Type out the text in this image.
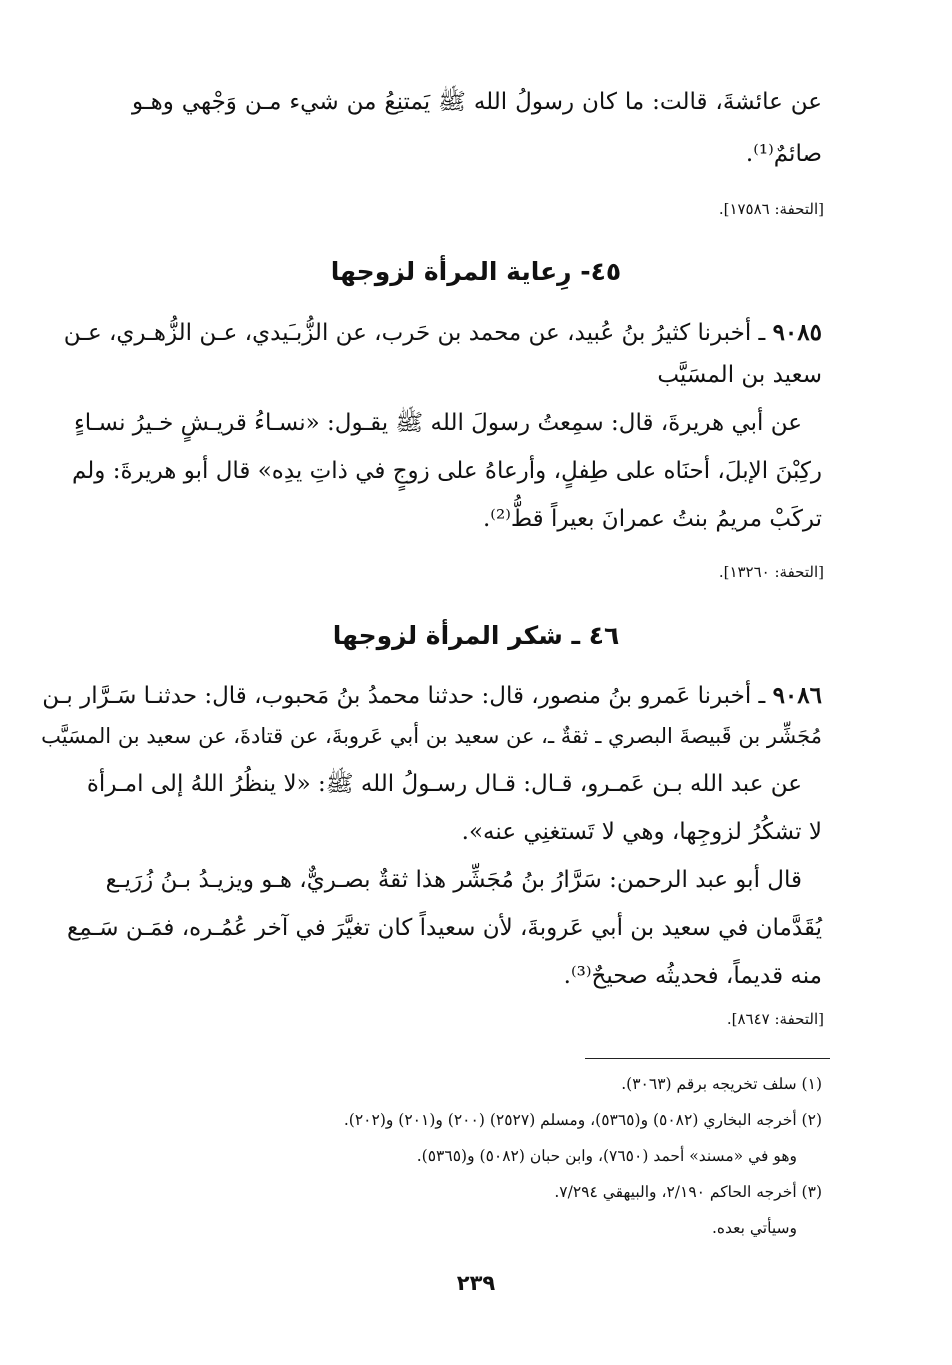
عن عائشةَ، قالت: ما كان رسولُ الله ﷺ يَمتنِعُ من شيء مـن وَجْهي وهـو
صائمٌ⁽¹⁾.
[التحفة: ١٧٥٨٦].
٤٥- رِعاية المرأة لزوجها
٩٠٨٥ ـ أخبرنا كثيرُ بنُ عُبيد، عن محمد بن حَرب، عن الزُّبـَيدي، عـن الزُّهـري، عـن
سعيد بن المسَيَّب
عن أبي هريرةَ، قال: سمِعتُ رسولَ الله ﷺ يقـول: «نسـاءُ قريـشٍ خـيرُ نسـاءٍ
ركِبْنَ الإبلَ، أحنَاه على طِفلٍ، وأرعاهُ على زوجٍ في ذاتِ يدِه» قال أبو هريرةَ: ولم
تركَبْ مريمُ بنتُ عمرانَ بعيراً قطُّ⁽²⁾.
[التحفة: ١٣٢٦٠].
٤٦ ـ شكر المرأة لزوجها
٩٠٨٦ ـ أخبرنا عَمرو بنُ منصور، قال: حدثنا محمدُ بنُ مَحبوب، قال: حدثنـا سَـرَّار بـن
مُجَشِّر بن قَبيصةَ البصري ـ ثقةٌ ـ، عن سعيد بن أبي عَروبةَ، عن قتادةَ، عن سعيد بن المسَيَّب
عن عبد الله بـن عَمـرو، قـال: قـال رسـولُ الله ﷺ: «لا ينظُرُ اللهُ إلى امـرأة
لا تشكُرُ لزوجِها، وهي لا تَستغنِي عنه».
قال أبو عبد الرحمن: سَرَّارُ بنُ مُجَشِّر هذا ثقةٌ بصـريٌّ، هـو ويزيـدُ بـنُ زُرَيـع
يُقَدَّمان في سعيد بن أبي عَروبةَ، لأن سعيداً كان تغيَّرَ في آخر عُمُـره، فمَـن سَـمِع
منه قديماً، فحديثُه صحيحٌ⁽³⁾.
[التحفة: ٨٦٤٧].
(١) سلف تخريجه برقم (٣٠٦٣).
(٢) أخرجه البخاري (٥٠٨٢) و(٥٣٦٥)، ومسلم (٢٥٢٧) (٢٠٠) و(٢٠١) و(٢٠٢).
وهو في «مسند» أحمد (٧٦٥٠)، وابن حبان (٥٠٨٢) و(٥٣٦٥).
(٣) أخرجه الحاكم ٢/١٩٠، والبيهقي ٧/٢٩٤.
وسيأتي بعده.
٢٣٩
